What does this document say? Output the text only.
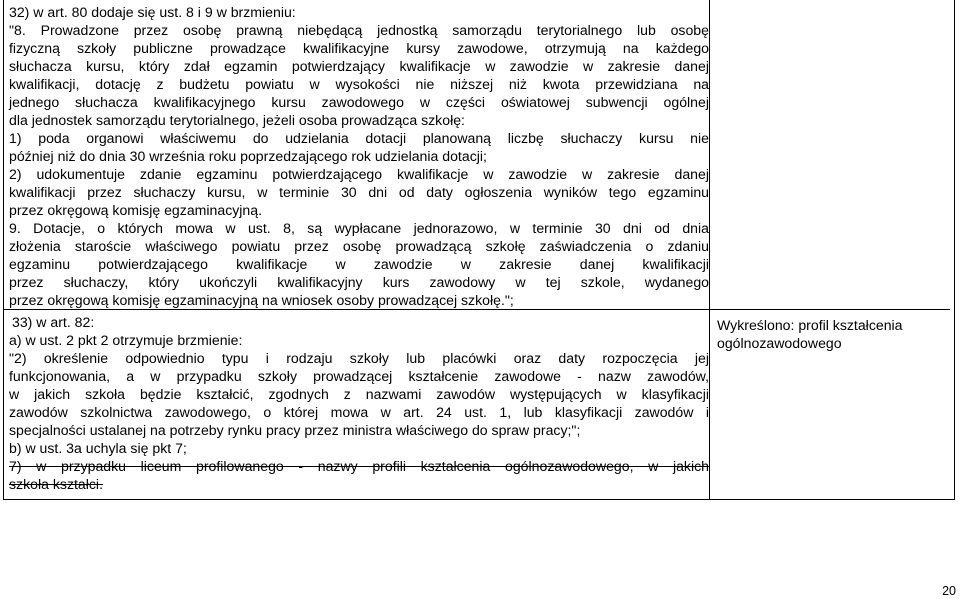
32) w art. 80 dodaje się ust. 8 i 9 w brzmieniu:
"8. Prowadzone przez osobę prawną niebędącą jednostką samorządu terytorialnego lub osobę
fizyczną szkoły publiczne prowadzące kwalifikacyjne kursy zawodowe, otrzymują na każdego
słuchacza kursu, który zdał egzamin potwierdzający kwalifikacje w zawodzie w zakresie danej
kwalifikacji, dotację z budżetu powiatu w wysokości nie niższej niż kwota przewidziana na
jednego słuchacza kwalifikacyjnego kursu zawodowego w części oświatowej subwencji ogólnej
dla jednostek samorządu terytorialnego, jeżeli osoba prowadząca szkołę:
1) poda organowi właściwemu do udzielania dotacji planowaną liczbę słuchaczy kursu nie
później niż do dnia 30 września roku poprzedzającego rok udzielania dotacji;
2) udokumentuje zdanie egzaminu potwierdzającego kwalifikacje w zawodzie w zakresie danej
kwalifikacji przez słuchaczy kursu, w terminie 30 dni od daty ogłoszenia wyników tego egzaminu
przez okręgową komisję egzaminacyjną.
9. Dotacje, o których mowa w ust. 8, są wypłacane jednorazowo, w terminie 30 dni od dnia
złożenia staroście właściwego powiatu przez osobę prowadzącą szkołę zaświadczenia o zdaniu
egzaminu potwierdzającego kwalifikacje w zawodzie w zakresie danej kwalifikacji
przez słuchaczy, który ukończyli kwalifikacyjny kurs zawodowy w tej szkole, wydanego
przez okręgową komisję egzaminacyjną na wniosek osoby prowadzącej szkołę.";
33) w art. 82:
a) w ust. 2 pkt 2 otrzymuje brzmienie:
"2) określenie odpowiednio typu i rodzaju szkoły lub placówki oraz daty rozpoczęcia jej
funkcjonowania, a w przypadku szkoły prowadzącej kształcenie zawodowe - nazw zawodów,
w jakich szkoła będzie kształcić, zgodnych z nazwami zawodów występujących w klasyfikacji
zawodów szkolnictwa zawodowego, o której mowa w art. 24 ust. 1, lub klasyfikacji zawodów i
specjalności ustalanej na potrzeby rynku pracy przez ministra właściwego do spraw pracy;";
b) w ust. 3a uchyla się pkt 7;
7) w przypadku liceum profilowanego - nazwy profili kształcenia ogólnozawodowego, w jakich
szkoła kształci.
Wykreślono: profil kształcenia
ogólnozawodowego
20
